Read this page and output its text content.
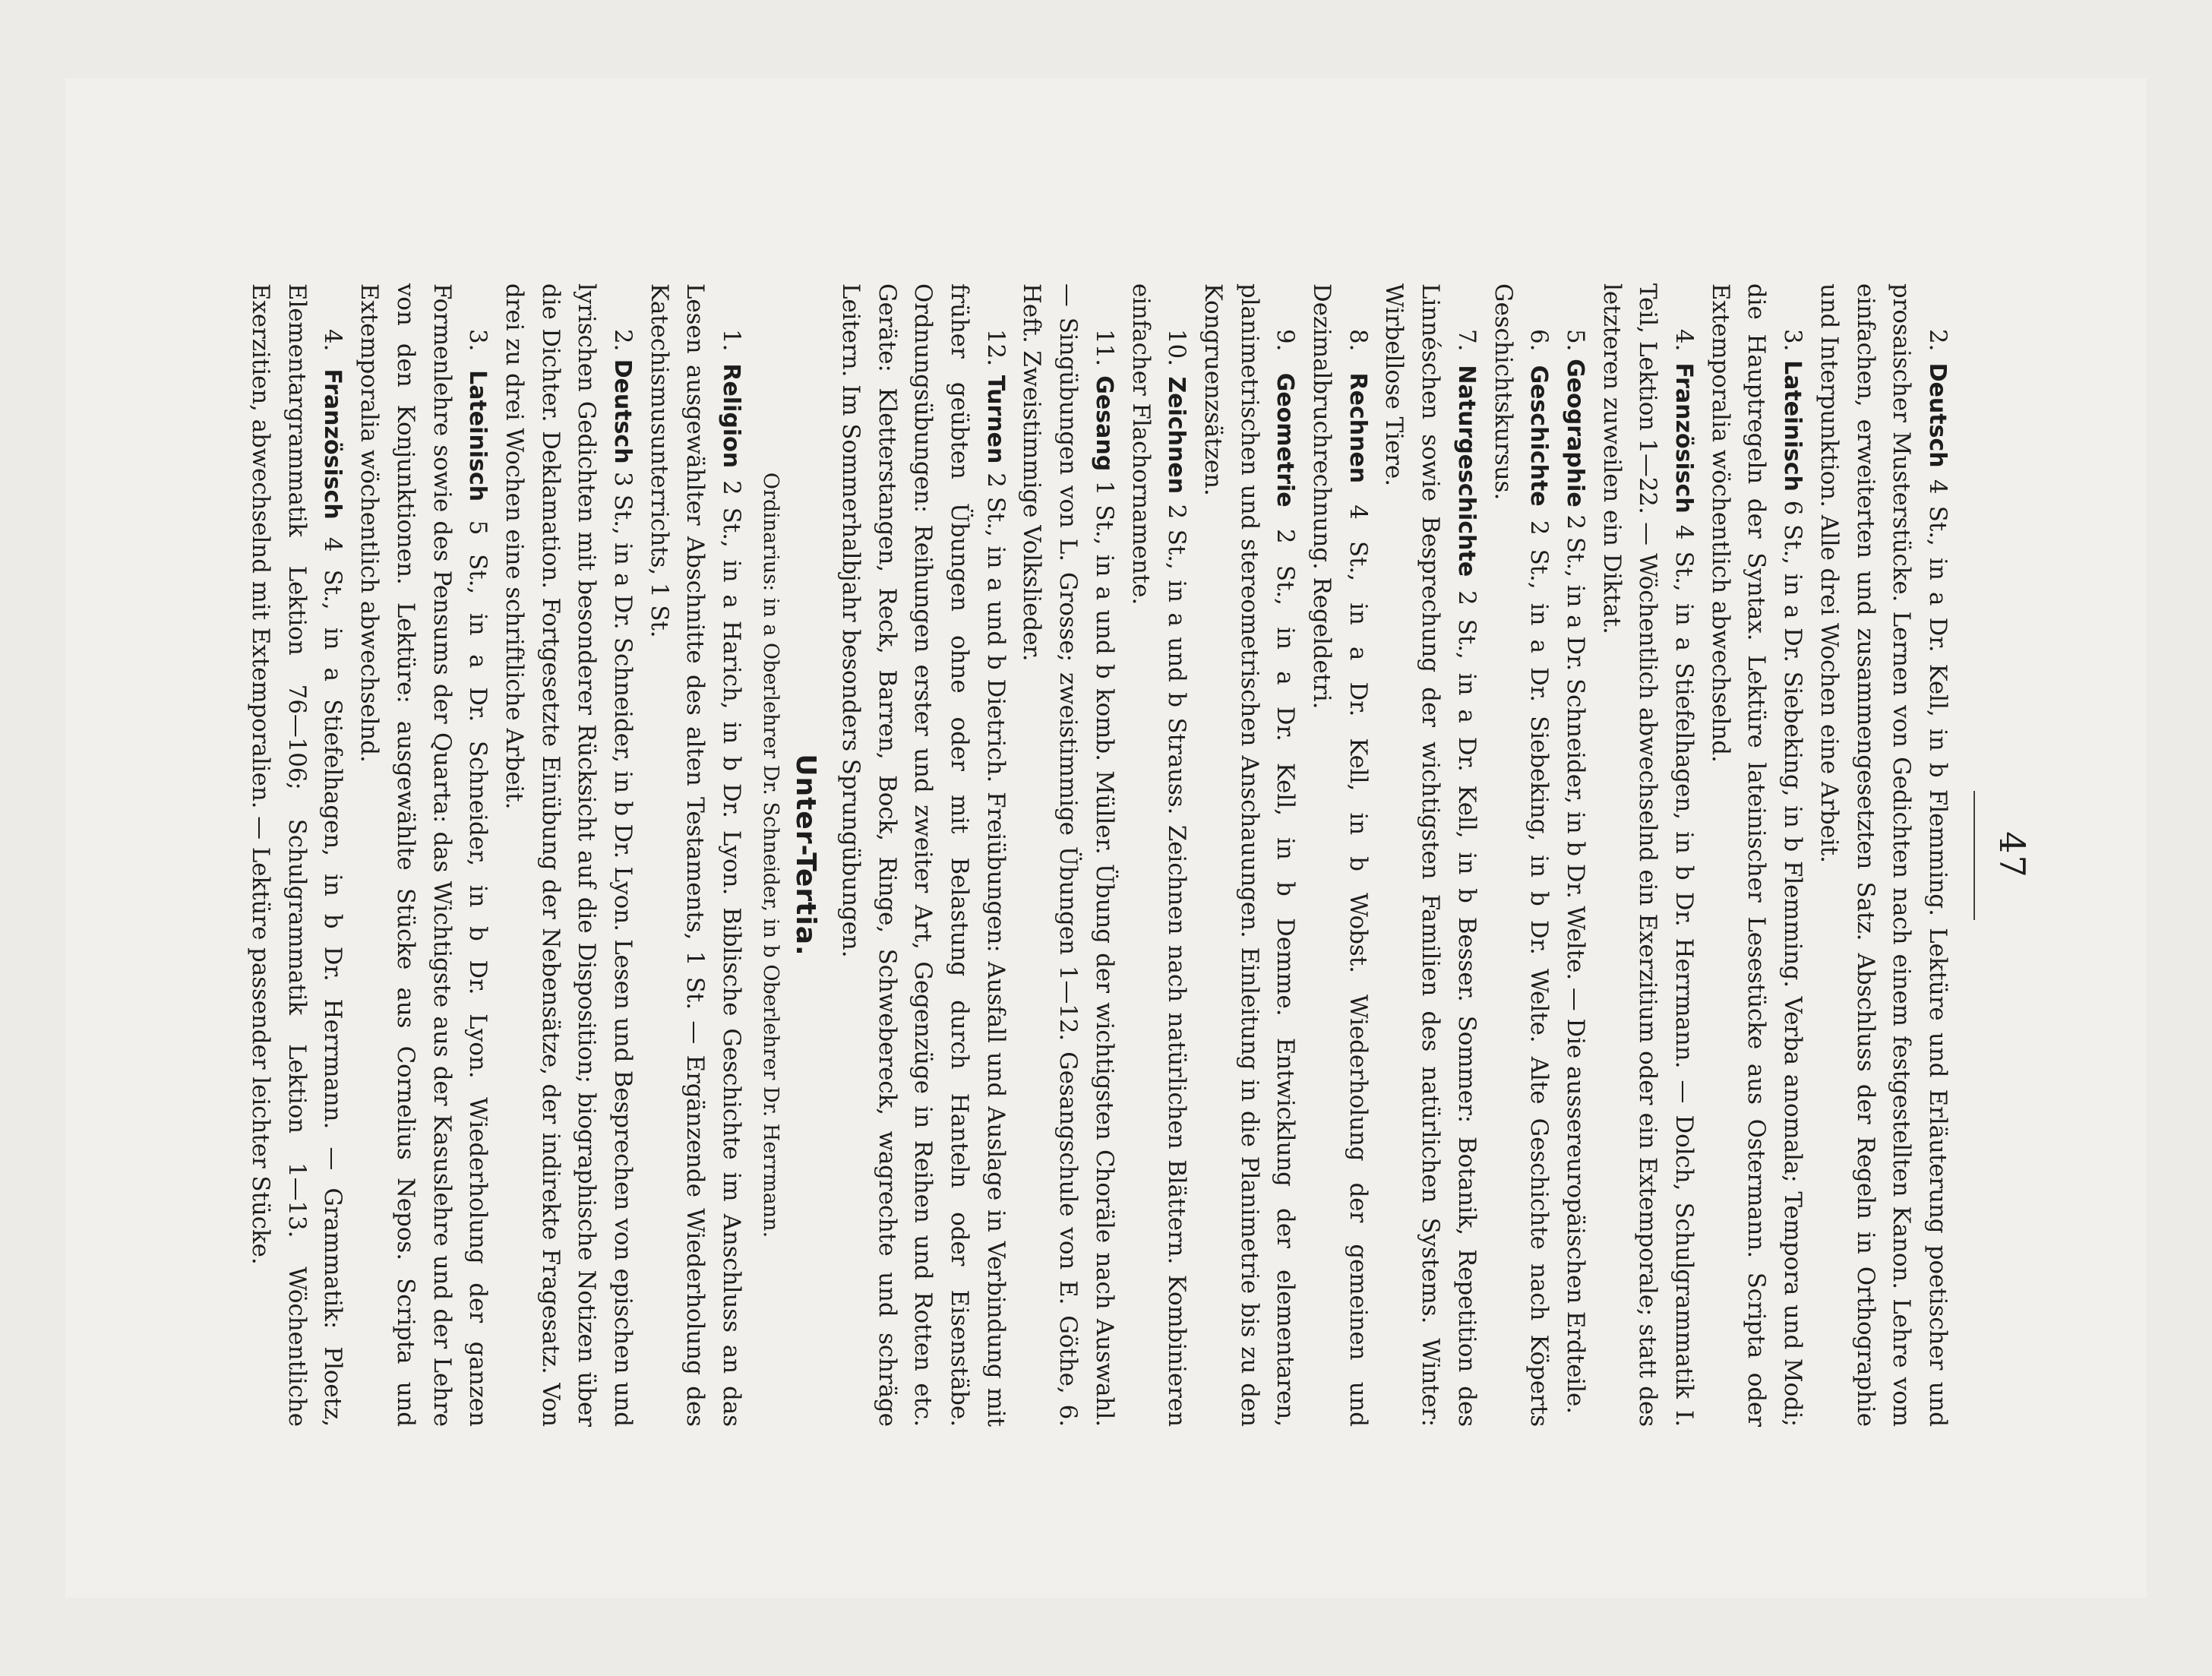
47

2. Deutsch 4 St., in a Dr. Kell, in b Flemming. Lektüre und Erläuterung poetischer und prosaischer Musterstücke. Lernen von Gedichten nach einem festgestellten Kanon. Lehre vom einfachen, erweiterten und zusammengesetzten Satz. Abschluss der Regeln in Orthographie und Interpunktion. Alle drei Wochen eine Arbeit.

3. Lateinisch 6 St., in a Dr. Siebeking, in b Flemming. Verba anomala; Tempora und Modi; die Hauptregeln der Syntax. Lektüre lateinischer Lesestücke aus Ostermann. Scripta oder Extemporalia wöchentlich abwechselnd.

4. Französisch 4 St., in a Stiefelhagen, in b Dr. Herrmann. — Dolch, Schulgrammatik I. Teil, Lektion 1—22. — Wöchentlich abwechselnd ein Exerzitium oder ein Extemporale; statt des letzteren zuweilen ein Diktat.

5. Geographie 2 St., in a Dr. Schneider, in b Dr. Welte. — Die aussereuropäischen Erdteile.

6. Geschichte 2 St., in a Dr. Siebeking, in b Dr. Welte. Alte Geschichte nach Köperts Geschichtskursus.

7. Naturgeschichte 2 St., in a Dr. Kell, in b Besser. Sommer: Botanik, Repetition des Linnéschen sowie Besprechung der wichtigsten Familien des natürlichen Systems. Winter: Wirbellose Tiere.

8. Rechnen 4 St., in a Dr. Kell, in b Wobst. Wiederholung der gemeinen und Dezimalbruchrechnung. Regeldetri.

9. Geometrie 2 St., in a Dr. Kell, in b Demme. Entwicklung der elementaren, planimetrischen und stereometrischen Anschauungen. Einleitung in die Planimetrie bis zu den Kongruenzsätzen.

10. Zeichnen 2 St., in a und b Strauss. Zeichnen nach natürlichen Blättern. Kombinieren einfacher Flachornamente.

11. Gesang 1 St., in a und b komb. Müller. Übung der wichtigsten Choräle nach Auswahl. — Singübungen von L. Grosse; zweistimmige Übungen 1—12. Gesangschule von E. Göthe, 6. Heft. Zweistimmige Volkslieder.

12. Turnen 2 St., in a und b Dietrich. Freiübungen: Ausfall und Auslage in Verbindung mit früher geübten Übungen ohne oder mit Belastung durch Hanteln oder Eisenstäbe. Ordnungsübungen: Reihungen erster und zweiter Art, Gegenzüge in Reihen und Rotten etc. Geräte: Kletterstangen, Reck, Barren, Bock, Ringe, Schwebereck, wagrechte und schräge Leitern. Im Sommerhalbjahr besonders Sprungübungen.

Unter-Tertia.
Ordinarius: in a Oberlehrer Dr. Schneider, in b Oberlehrer Dr. Herrmann.

1. Religion 2 St., in a Harich, in b Dr. Lyon. Biblische Geschichte im Anschluss an das Lesen ausgewählter Abschnitte des alten Testaments, 1 St. — Ergänzende Wiederholung des Katechismusunterrichts, 1 St.

2. Deutsch 3 St., in a Dr. Schneider, in b Dr. Lyon. Lesen und Besprechen von epischen und lyrischen Gedichten mit besonderer Rücksicht auf die Disposition; biographische Notizen über die Dichter. Deklamation. Fortgesetzte Einübung der Nebensätze, der indirekte Fragesatz. Von drei zu drei Wochen eine schriftliche Arbeit.

3. Lateinisch 5 St., in a Dr. Schneider, in b Dr. Lyon. Wiederholung der ganzen Formenlehre sowie des Pensums der Quarta: das Wichtigste aus der Kasuslehre und der Lehre von den Konjunktionen. Lektüre: ausgewählte Stücke aus Cornelius Nepos. Scripta und Extemporalia wöchentlich abwechselnd.

4. Französisch 4 St., in a Stiefelhagen, in b Dr. Herrmann. — Grammatik: Ploetz, Elementargrammatik Lektion 76—106; Schulgrammatik Lektion 1—13. Wöchentliche Exerzitien, abwechselnd mit Extemporalien. — Lektüre passender leichter Stücke.
